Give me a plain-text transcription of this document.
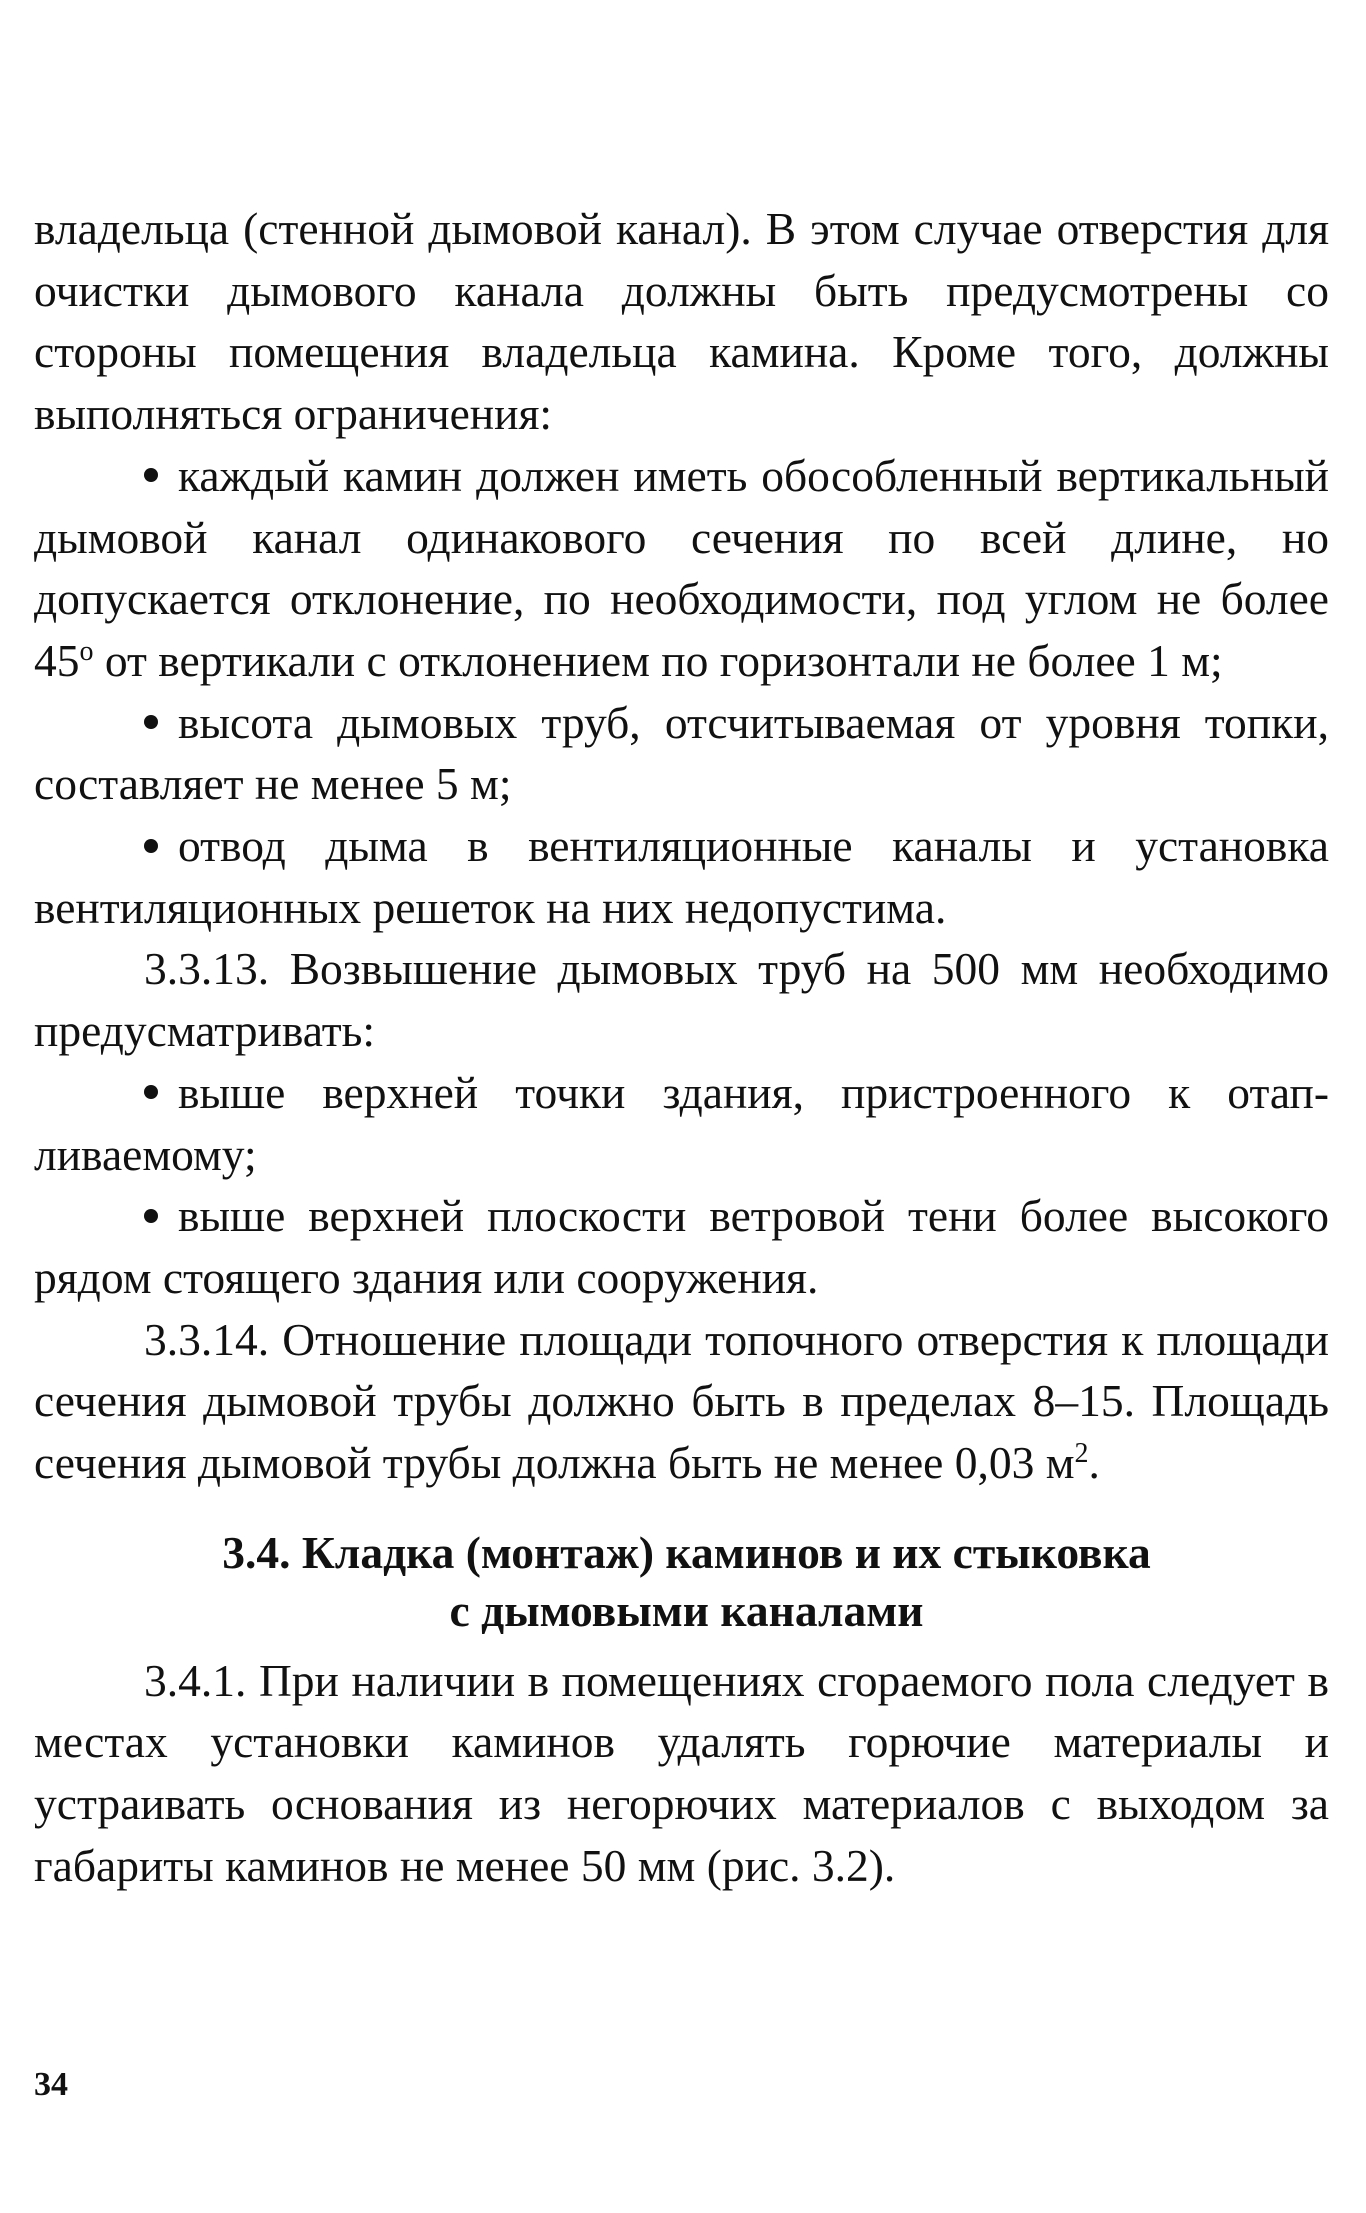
владельца (стенной дымовой канал). В этом случае отверстия для очистки дымового канала должны быть предусмотрены со стороны помещения владельца камина. Кроме того, должны выполняться ограничения:

каждый камин должен иметь обособленный вертикальный дымовой канал одинакового сечения по всей длине, но допускается отклонение, по необходимости, под углом не более 45$^o$ от вертикали с отклонением по горизонтали не более 1 м;

высота дымовых труб, отсчитываемая от уровня топки, составляет не менее 5 м;

отвод дыма в вентиляционные каналы и установка вентиляционных решеток на них недопустима.

3.3.13. Возвышение дымовых труб на 500 мм необходимо предусматривать:

выше верхней точки здания, пристроенного к отапливаемому;

выше верхней плоскости ветровой тени более высокого рядом стоящего здания или сооружения.

3.3.14. Отношение площади топочного отверстия к площади сечения дымовой трубы должно быть в пределах 8–15. Площадь сечения дымовой трубы должна быть не менее 0,03 $м^2$.

3.4. Кладка (монтаж) каминов и их стыковка
с дымовыми каналами

3.4.1. При наличии в помещениях сгораемого пола следует в местах установки каминов удалять горючие материалы и устраивать основания из негорючих материалов с выходом за габариты каминов не менее 50 мм (рис. 3.2).

34
